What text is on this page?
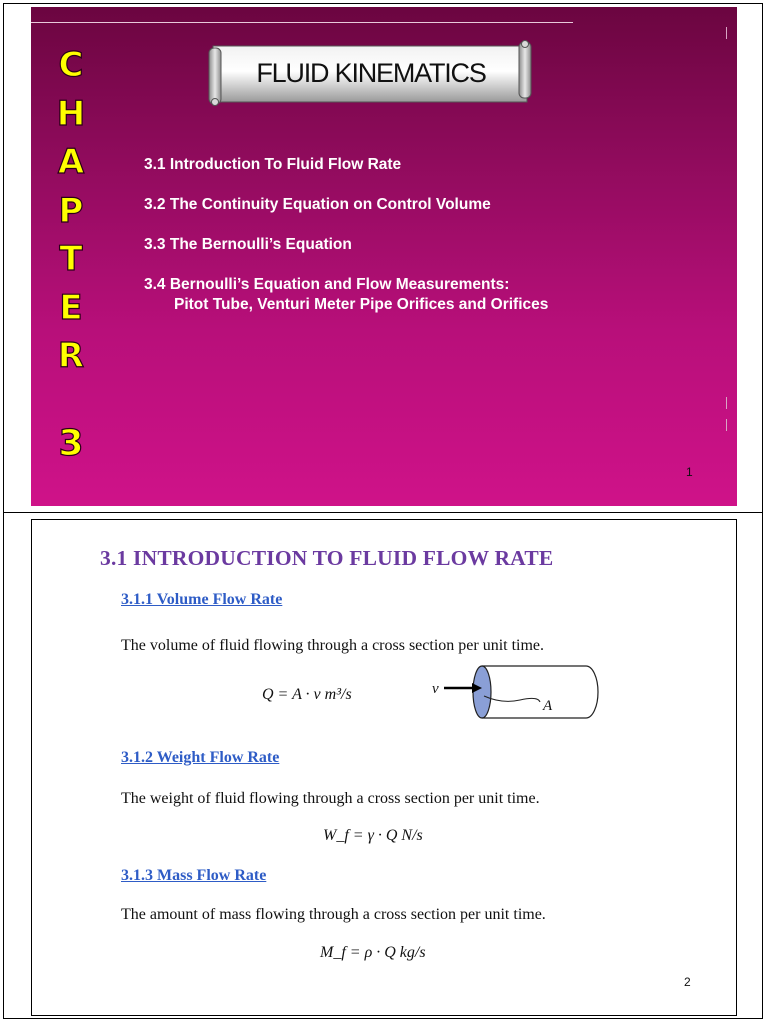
C
H
A
P
T
E
R
3
FLUID KINEMATICS
3.1 Introduction To Fluid Flow Rate
3.2 The Continuity Equation on Control Volume
3.3 The Bernoulli’s Equation
3.4 Bernoulli’s Equation and Flow Measurements:
Pitot Tube, Venturi Meter Pipe Orifices and Orifices
1
3.1 INTRODUCTION TO FLUID FLOW RATE
3.1.1 Volume Flow Rate
The volume of fluid flowing through a cross section per unit time.
Q = A · v m³/s	v
A
3.1.2 Weight Flow Rate
The weight of fluid flowing through a cross section per unit time.
W_f = γ · Q N/s
3.1.3 Mass Flow Rate
The amount of mass flowing through a cross section per unit time.
M_f = ρ · Q kg/s
2
